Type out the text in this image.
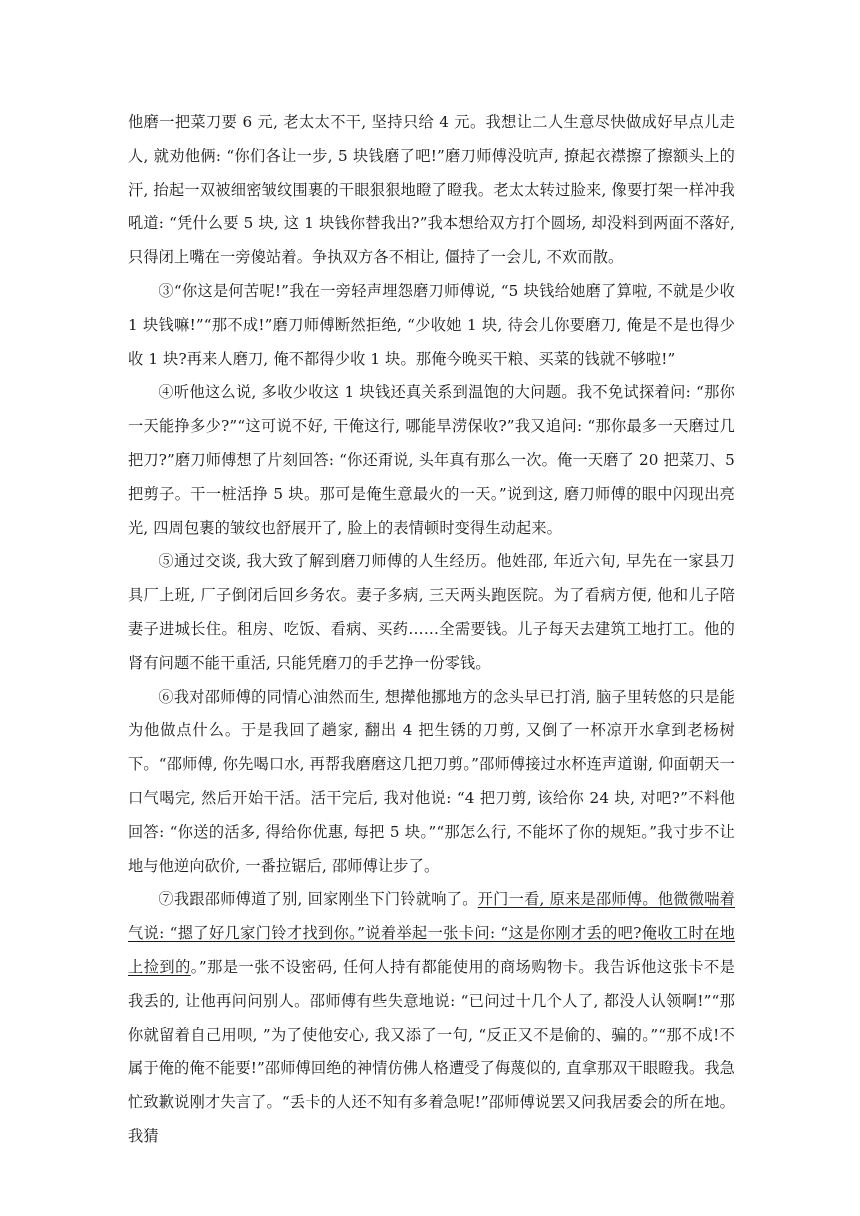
他磨一把菜刀要 6 元, 老太太不干, 坚持只给 4 元。我想让二人生意尽快做成好早点儿走人, 就劝他俩: “你们各让一步, 5 块钱磨了吧!”磨刀师傅没吭声, 撩起衣襟擦了擦额头上的汗, 抬起一双被细密皱纹围裹的干眼狠狠地瞪了瞪我。老太太转过脸来, 像要打架一样冲我吼道: “凭什么要 5 块, 这 1 块钱你替我出?”我本想给双方打个圆场, 却没料到两面不落好, 只得闭上嘴在一旁傻站着。争执双方各不相让, 僵持了一会儿, 不欢而散。

③“你这是何苦呢!”我在一旁轻声埋怨磨刀师傅说, “5 块钱给她磨了算啦, 不就是少收 1 块钱嘛!”“那不成!”磨刀师傅断然拒绝, “少收她 1 块, 待会儿你要磨刀, 俺是不是也得少收 1 块?再来人磨刀, 俺不都得少收 1 块。那俺今晚买干粮、买菜的钱就不够啦!”

④听他这么说, 多收少收这 1 块钱还真关系到温饱的大问题。我不免试探着问: “那你一天能挣多少?”“这可说不好, 干俺这行, 哪能旱涝保收?”我又追问: “那你最多一天磨过几把刀?”磨刀师傅想了片刻回答: “你还甭说, 头年真有那么一次。俺一天磨了 20 把菜刀、5 把剪子。干一桩活挣 5 块。那可是俺生意最火的一天。”说到这, 磨刀师傅的眼中闪现出亮光, 四周包裹的皱纹也舒展开了, 脸上的表情顿时变得生动起来。

⑤通过交谈, 我大致了解到磨刀师傅的人生经历。他姓邵, 年近六旬, 早先在一家县刀具厂上班, 厂子倒闭后回乡务农。妻子多病, 三天两头跑医院。为了看病方便, 他和儿子陪妻子进城长住。租房、吃饭、看病、买药……全需要钱。儿子每天去建筑工地打工。他的肾有问题不能干重活, 只能凭磨刀的手艺挣一份零钱。

⑥我对邵师傅的同情心油然而生, 想撵他挪地方的念头早已打消, 脑子里转悠的只是能为他做点什么。于是我回了趟家, 翻出 4 把生锈的刀剪, 又倒了一杯凉开水拿到老杨树下。“邵师傅, 你先喝口水, 再帮我磨磨这几把刀剪。”邵师傅接过水杯连声道谢, 仰面朝天一口气喝完, 然后开始干活。活干完后, 我对他说: “4 把刀剪, 该给你 24 块, 对吧?”不料他回答: “你送的活多, 得给你优惠, 每把 5 块。”“那怎么行, 不能坏了你的规矩。”我寸步不让地与他逆向砍价, 一番拉锯后, 邵师傅让步了。

⑦我跟邵师傅道了别, 回家刚坐下门铃就响了。开门一看, 原来是邵师傅。他微微喘着气说: “摁了好几家门铃才找到你。”说着举起一张卡问: “这是你刚才丢的吧?俺收工时在地上捡到的。”那是一张不设密码, 任何人持有都能使用的商场购物卡。我告诉他这张卡不是我丢的, 让他再问问别人。邵师傅有些失意地说: “已问过十几个人了, 都没人认领啊!”“那你就留着自己用呗, ”为了使他安心, 我又添了一句, “反正又不是偷的、骗的。”“那不成!不属于俺的俺不能要!”邵师傅回绝的神情仿佛人格遭受了侮蔑似的, 直拿那双干眼瞪我。我急忙致歉说刚才失言了。“丢卡的人还不知有多着急呢!”邵师傅说罢又问我居委会的所在地。我猜
